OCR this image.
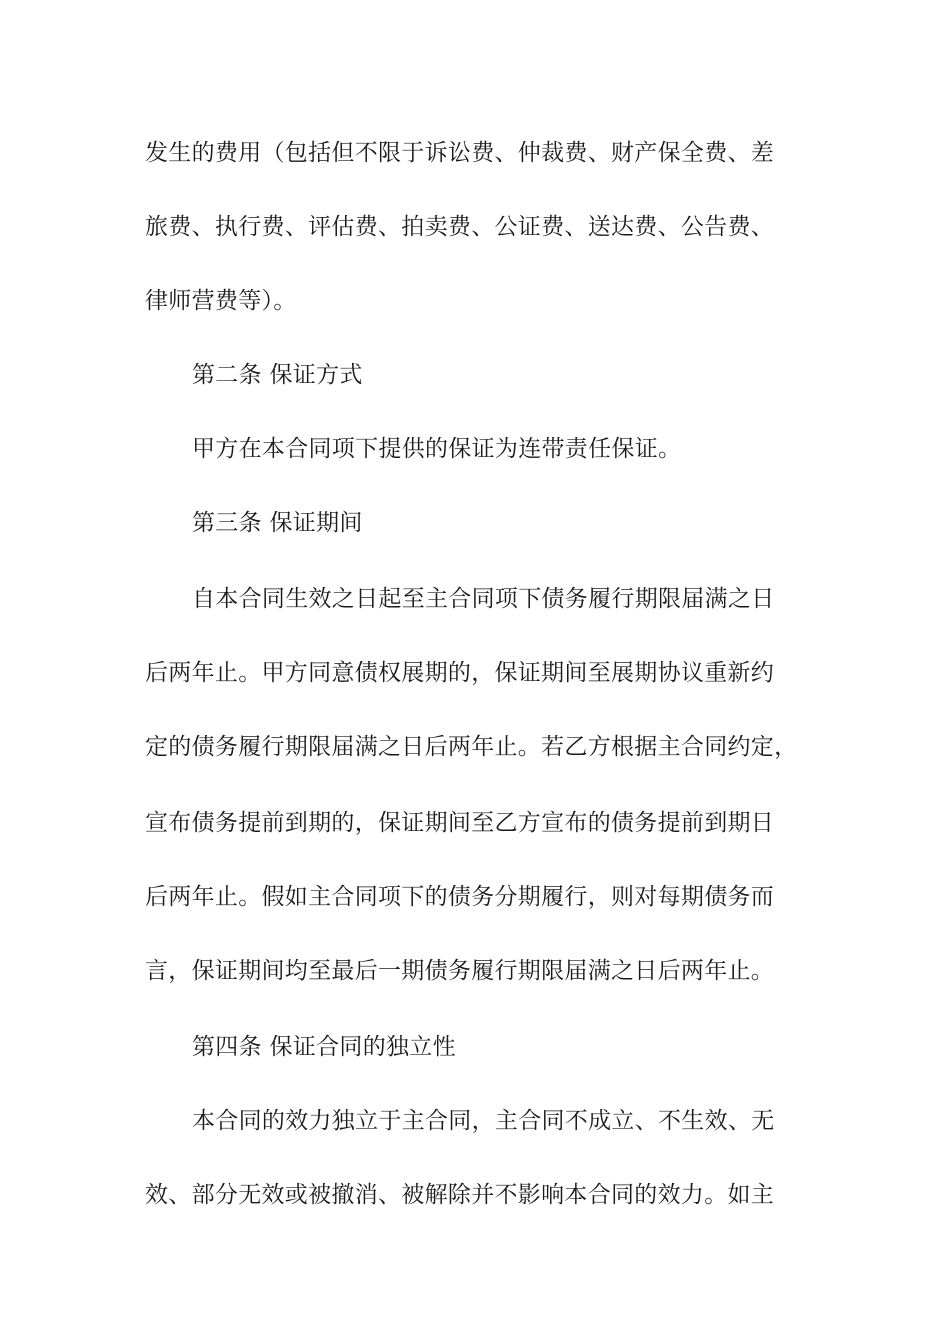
发生的费用（包括但不限于诉讼费、仲裁费、财产保全费、差
旅费、执行费、评估费、拍卖费、公证费、送达费、公告费、
律师营费等）。
第二条 保证方式
甲方在本合同项下提供的保证为连带责任保证。
第三条 保证期间
自本合同生效之日起至主合同项下债务履行期限届满之日
后两年止。甲方同意债权展期的，保证期间至展期协议重新约
定的债务履行期限届满之日后两年止。若乙方根据主合同约定，
宣布债务提前到期的，保证期间至乙方宣布的债务提前到期日
后两年止。假如主合同项下的债务分期履行，则对每期债务而
言，保证期间均至最后一期债务履行期限届满之日后两年止。
第四条 保证合同的独立性
本合同的效力独立于主合同，主合同不成立、不生效、无
效、部分无效或被撤消、被解除并不影响本合同的效力。如主
